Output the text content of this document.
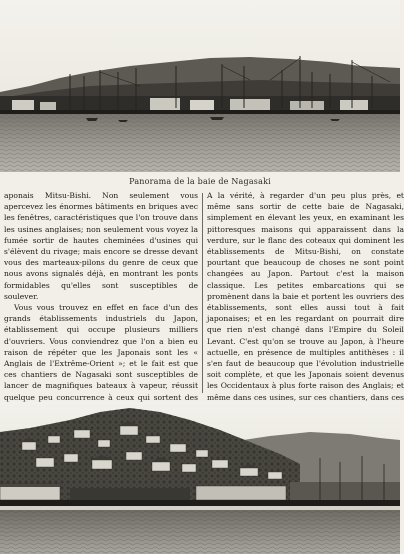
Panorama de la baie de Nagasaki

aponais Mitsu-Bishi. Non seulement vous apercevez les énormes bâtiments en briques avec les fenêtres, caractéristiques que l'on trouve dans les usines anglaises; non seulement vous voyez la fumée sortir de hautes cheminées d'usines qui s'élèvent du rivage; mais encore se dresse devant vous des marteaux-pilons du genre de ceux que nous avons signalés déjà, en montrant les ponts formidables qu'elles sont susceptibles de soulever.

Vous vous trouvez en effet en face d'un des grands établissements industriels du Japon, établissement qui occupe plusieurs milliers d'ouvriers. Vous conviendrez que l'on a bien eu raison de répéter que les Japonais sont les « Anglais de l'Extrême-Orient »; et le fait est que ces chantiers de Nagasaki sont susceptibles de lancer de magnifiques bateaux à vapeur, réussit quelque peu concurrence à ceux qui sortent des

A la vérité, à regarder d'un peu plus près, et même sans sortir de cette baie de Nagasaki, simplement en élevant les yeux, en examinant les pittoresques maisons qui apparaissent dans la verdure, sur le flanc des coteaux qui dominent les établissements de Mitsu-Bishi, on constate pourtant que beaucoup de choses ne sont point changées au Japon. Partout c'est la maison classique. Les petites embarcations qui se promènent dans la baie et portent les ouvriers des établissements, sont elles aussi tout à fait japonaises; et en les regardant on pourrait dire que rien n'est changé dans l'Empire du Soleil Levant. C'est qu'on se trouve au Japon, à l'heure actuelle, en présence de multiples antithèses : il s'en faut de beaucoup que l'évolution industrielle soit complète, et que les Japonais soient devenus les Occidentaux à plus forte raison des Anglais; et même dans ces usines, sur ces chantiers, dans ces
